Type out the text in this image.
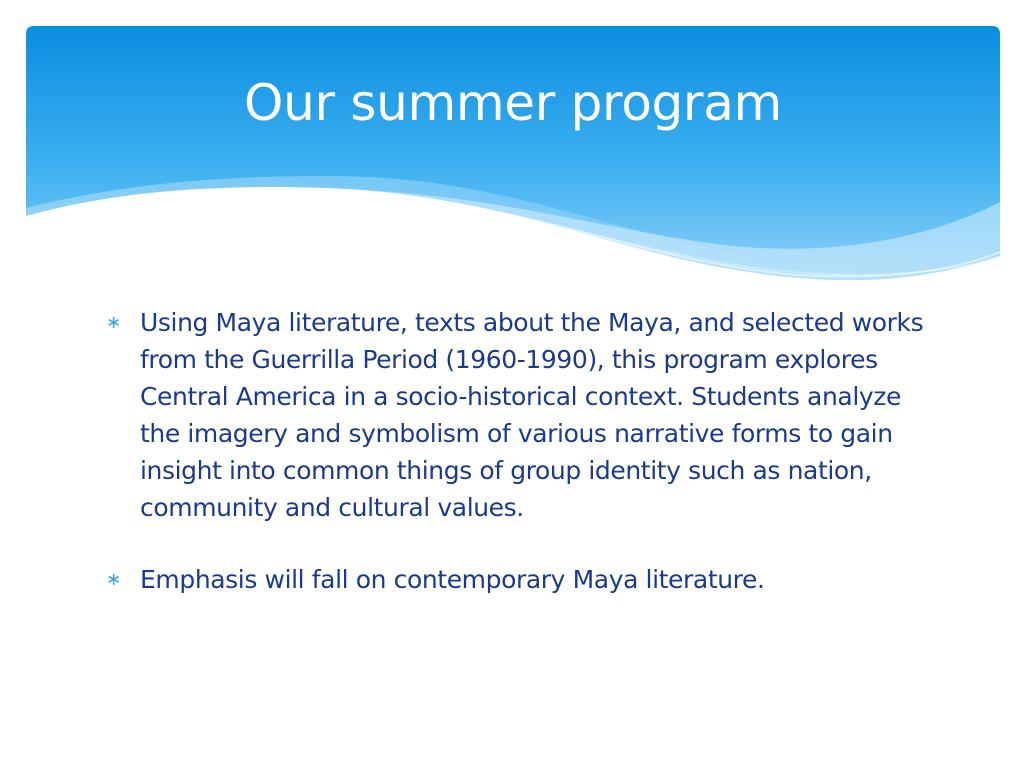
Our summer program
∗ Using Maya literature, texts about the Maya, and selected works from the Guerrilla Period (1960-1990), this program explores Central America in a socio-historical context. Students analyze the imagery and symbolism of various narrative forms to gain insight into common things of group identity such as nation, community and cultural values.
∗ Emphasis will fall on contemporary Maya literature.
